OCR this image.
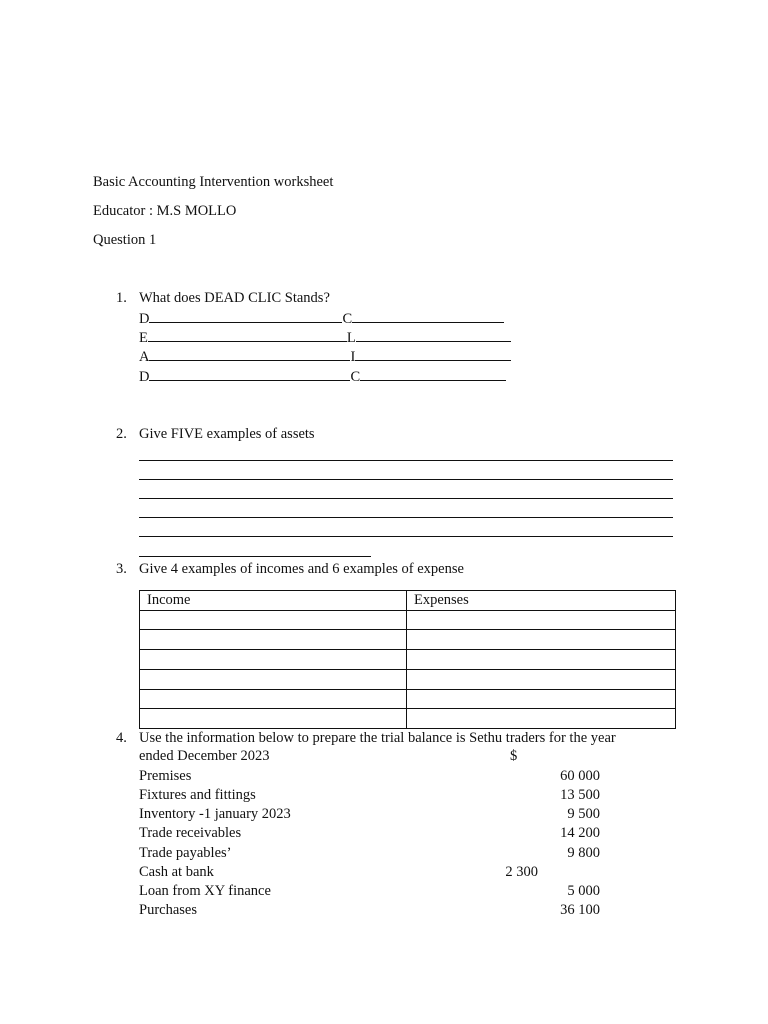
Basic Accounting Intervention worksheet
Educator : M.S MOLLO
Question 1
1. What does DEAD CLIC Stands?
D	C
E	L
A	I
D	C
2. Give FIVE examples of assets
3. Give 4 examples of incomes and 6 examples of expense
Income	Expenses

4. Use the information below to prepare the trial balance is Sethu traders for the year
ended December 2023	$
Premises	60 000
Fixtures and fittings	13 500
Inventory -1 january 2023	9 500
Trade receivables	14 200
Trade payables’	9 800
Cash at bank	2 300
Loan from XY finance	5 000
Purchases	36 100
